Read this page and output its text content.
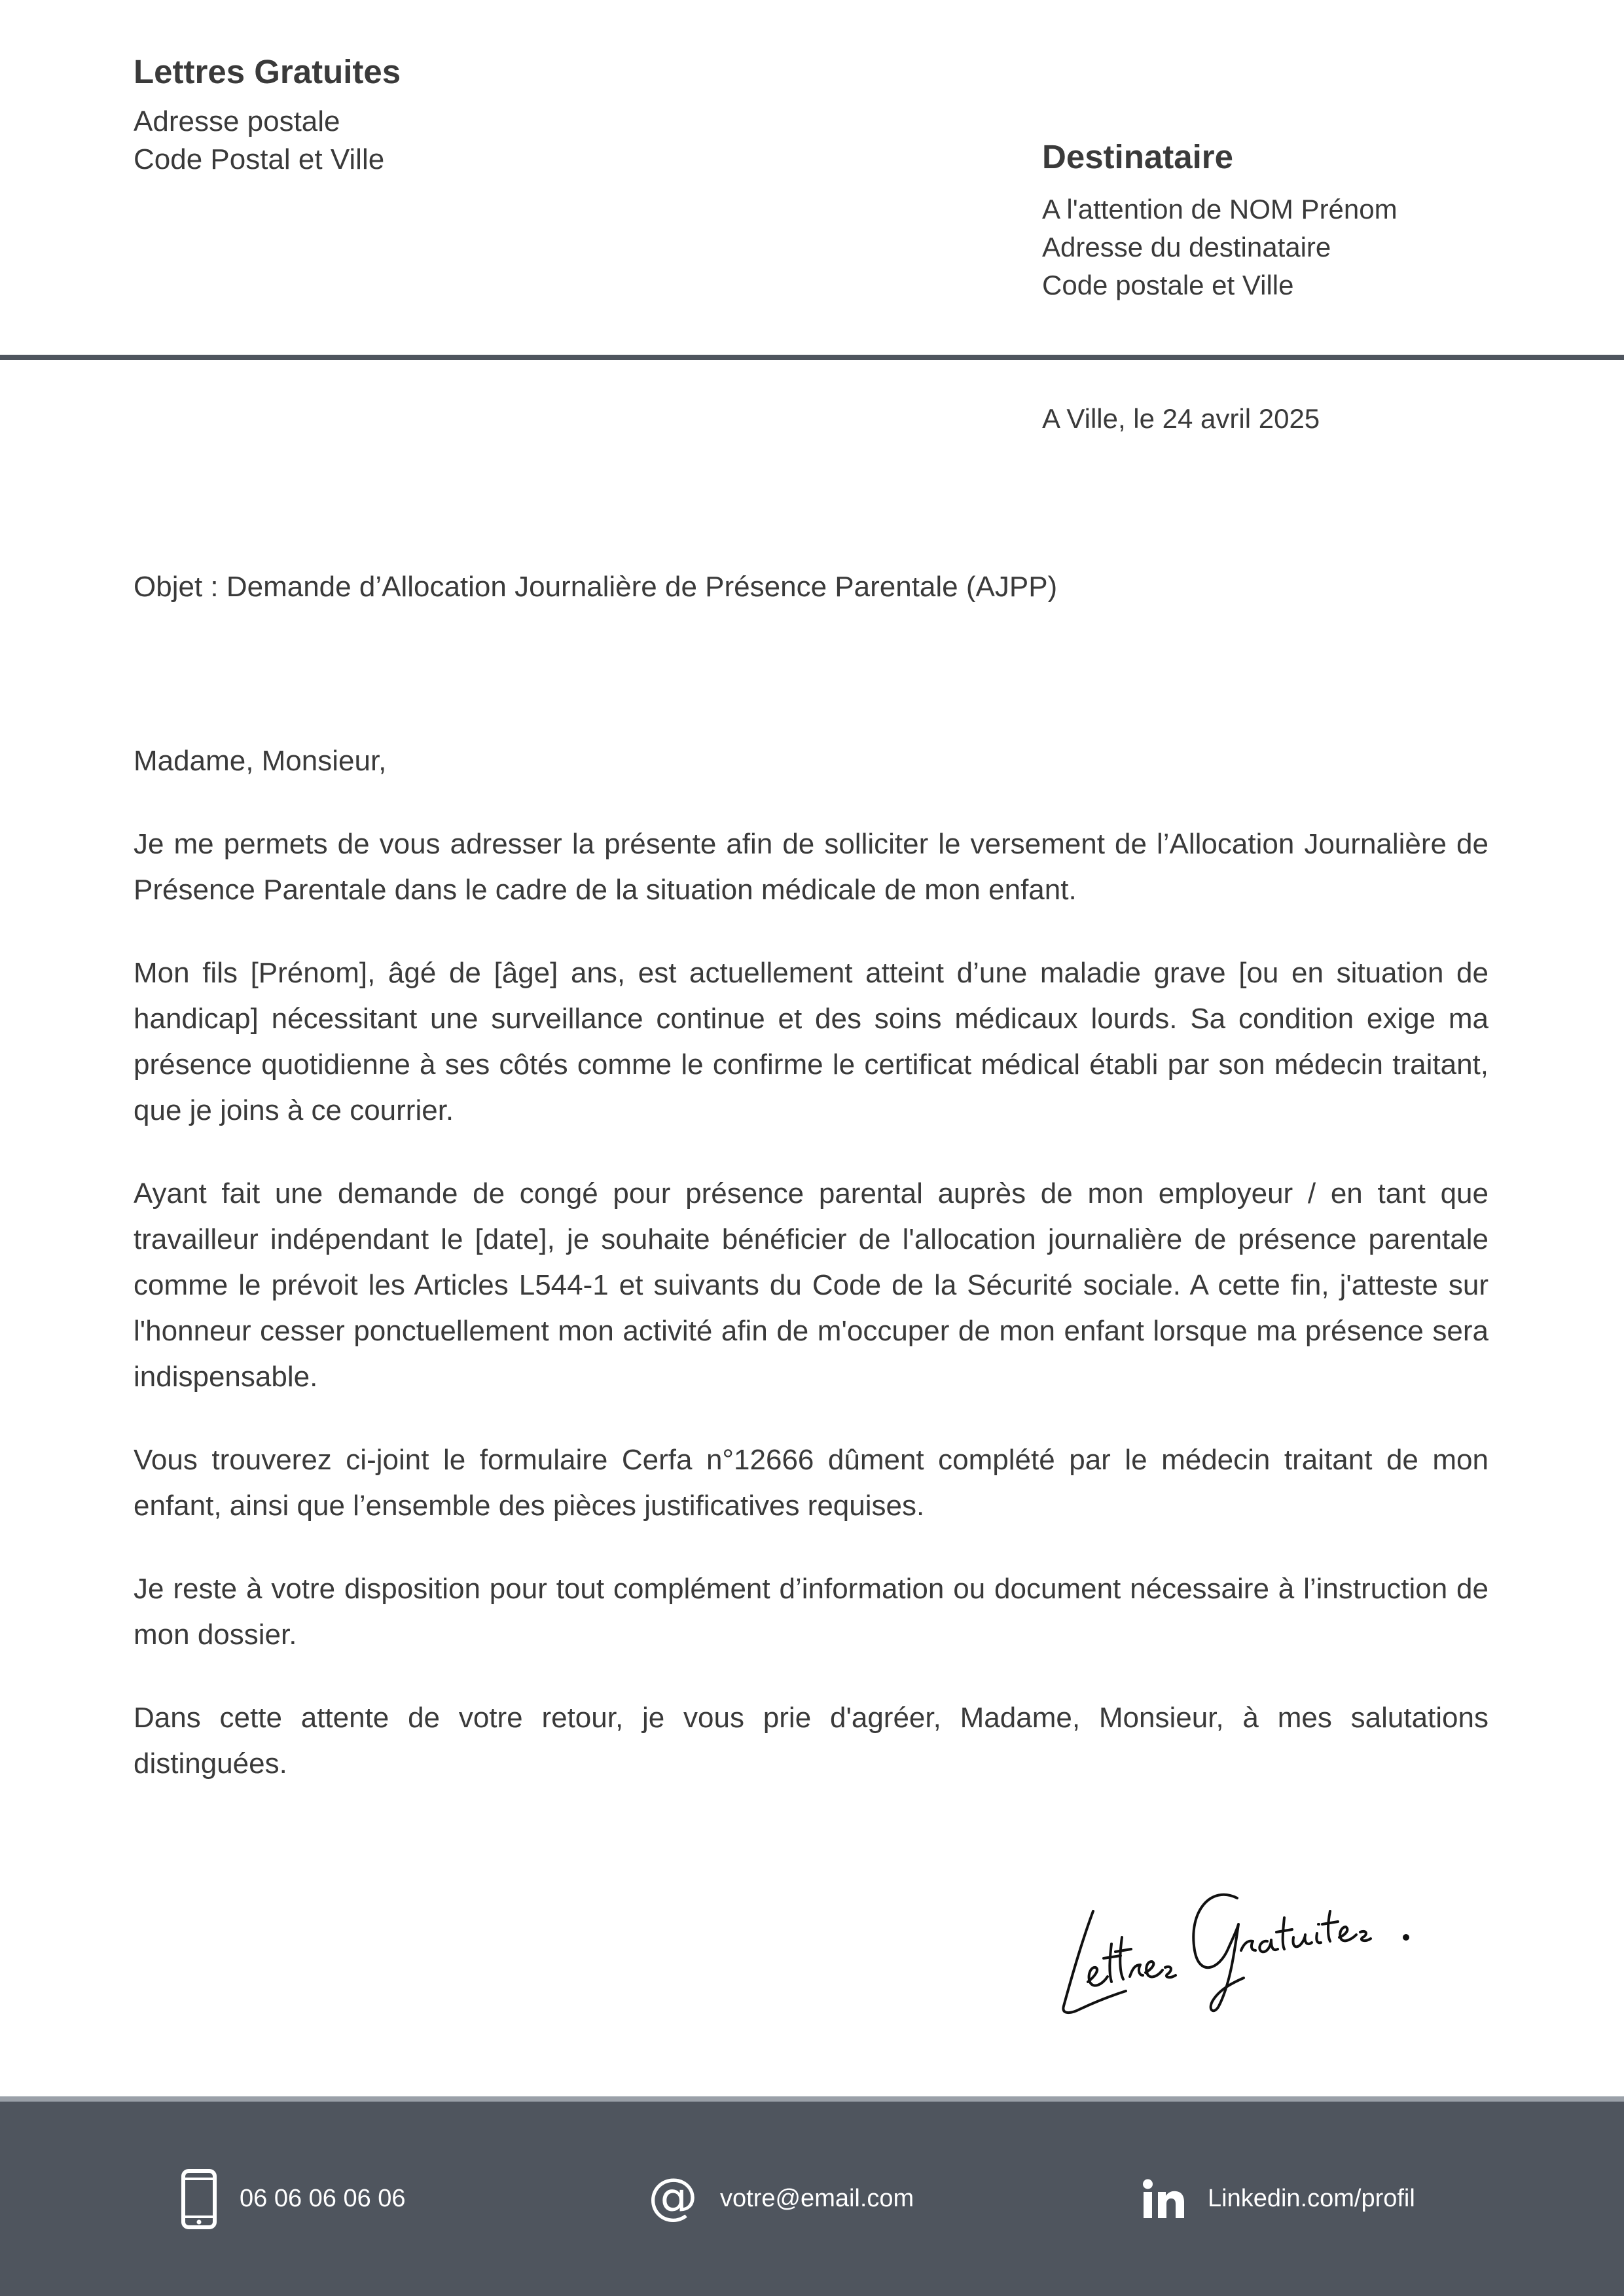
Lettres Gratuites
Adresse postale
Code Postal et Ville	Destinataire
A l'attention de NOM Prénom
Adresse du destinataire
Code postale et Ville
A Ville, le 24 avril 2025
Objet : Demande d’Allocation Journalière de Présence Parentale (AJPP)

Madame, Monsieur,

Je me permets de vous adresser la présente afin de solliciter le versement de l’Allocation Journalière de Présence Parentale dans le cadre de la situation médicale de mon enfant.

Mon fils [Prénom], âgé de [âge] ans, est actuellement atteint d’une maladie grave [ou en situation de handicap] nécessitant une surveillance continue et des soins médicaux lourds. Sa condition exige ma présence quotidienne à ses côtés comme le confirme le certificat médical établi par son médecin traitant, que je joins à ce courrier.

Ayant fait une demande de congé pour présence parental auprès de mon employeur / en tant que travailleur indépendant le [date], je souhaite bénéficier de l'allocation journalière de présence parentale comme le prévoit les Articles L544-1 et suivants du Code de la Sécurité sociale. A cette fin, j'atteste sur l'honneur cesser ponctuellement mon activité afin de m'occuper de mon enfant lorsque ma présence sera indispensable.

Vous trouverez ci-joint le formulaire Cerfa n°12666 dûment complété par le médecin traitant de mon enfant, ainsi que l’ensemble des pièces justificatives requises.

Je reste à votre disposition pour tout complément d’information ou document nécessaire à l’instruction de mon dossier.

Dans cette attente de votre retour, je vous prie d'agréer, Madame, Monsieur, à mes salutations distinguées.

06 06 06 06 06	@ votre@email.com	Linkedin.com/profil
